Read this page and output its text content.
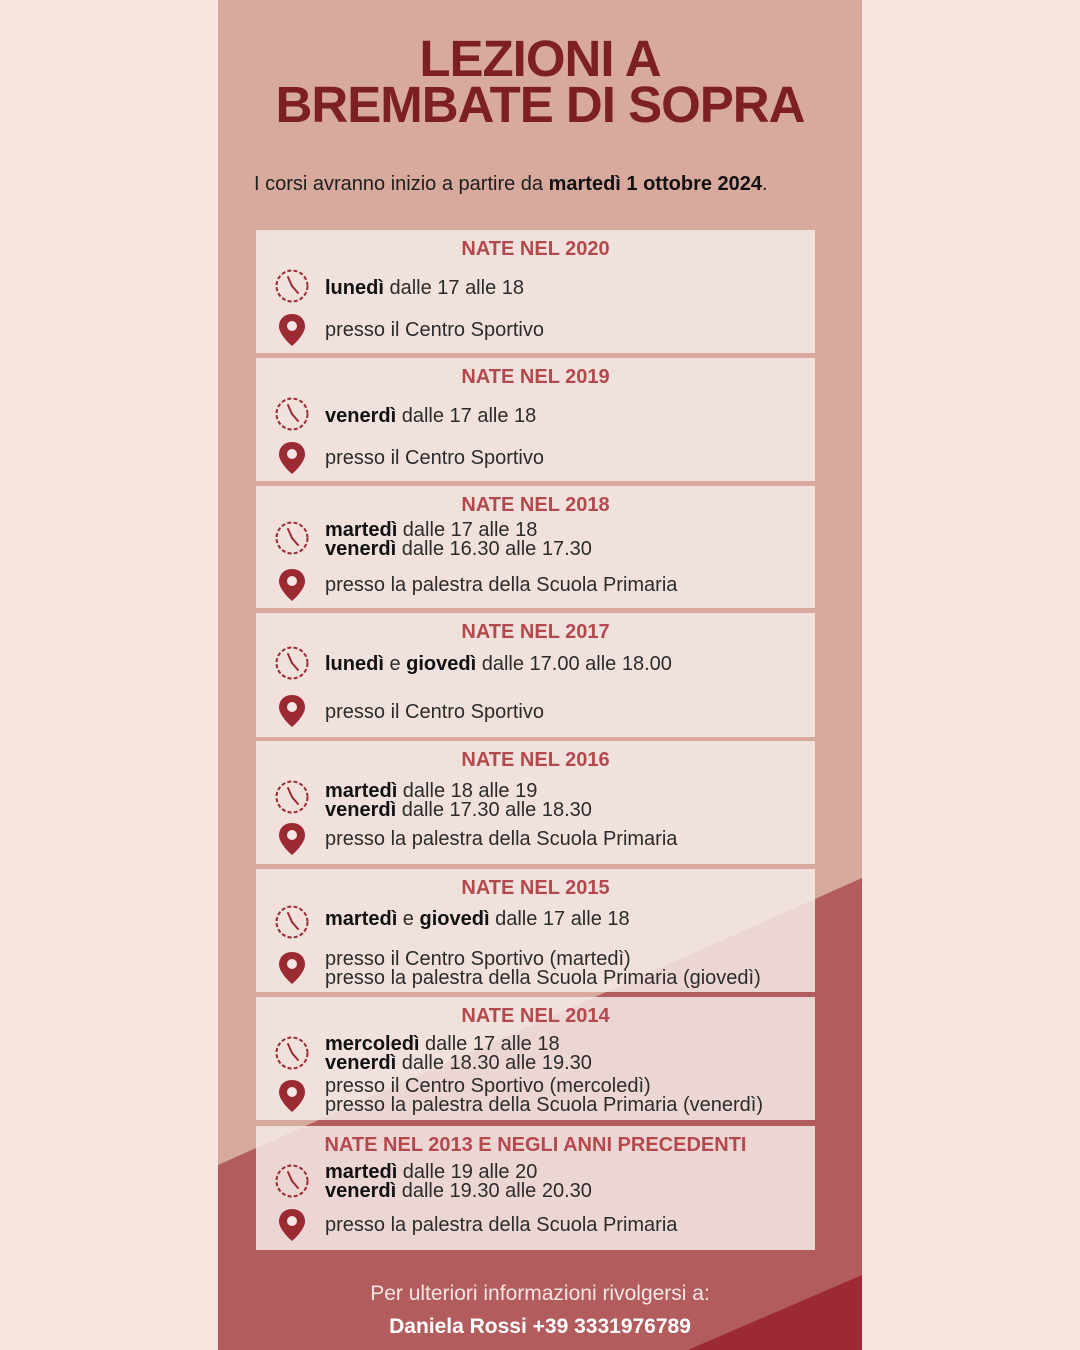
LEZIONI A
BREMBATE DI SOPRA

I corsi avranno inizio a partire da martedì 1 ottobre 2024.

NATE NEL 2020
lunedì dalle 17 alle 18
presso il Centro Sportivo
NATE NEL 2019
venerdì dalle 17 alle 18
presso il Centro Sportivo
NATE NEL 2018
martedì dalle 17 alle 18
venerdì dalle 16.30 alle 17.30
presso la palestra della Scuola Primaria
NATE NEL 2017
lunedì e giovedì dalle 17.00 alle 18.00
presso il Centro Sportivo
NATE NEL 2016
martedì dalle 18 alle 19
venerdì dalle 17.30 alle 18.30
presso la palestra della Scuola Primaria
NATE NEL 2015
martedì e giovedì dalle 17 alle 18
presso il Centro Sportivo (martedì)
presso la palestra della Scuola Primaria (giovedì)
NATE NEL 2014
mercoledì dalle 17 alle 18
venerdì dalle 18.30 alle 19.30
presso il Centro Sportivo (mercoledì)
presso la palestra della Scuola Primaria (venerdì)
NATE NEL 2013 E NEGLI ANNI PRECEDENTI
martedì dalle 19 alle 20
venerdì dalle 19.30 alle 20.30
presso la palestra della Scuola Primaria
Per ulteriori informazioni rivolgersi a:
Daniela Rossi +39 3331976789
